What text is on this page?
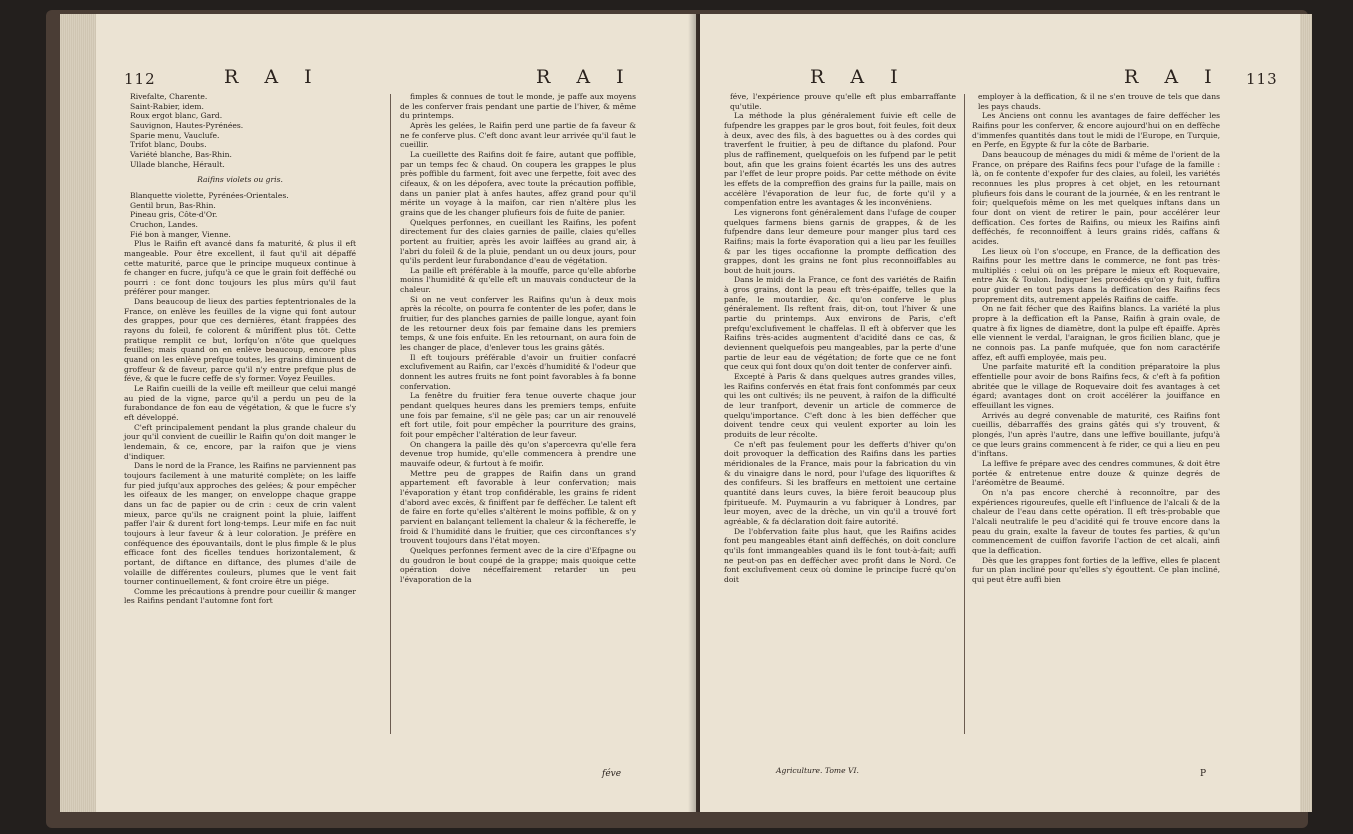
112	R A I	R A I

Rivefalte, Charente.

Saint-Rabier, idem.

Roux ergot blanc, Gard.

Sauvignon, Hautes-Pyrénées.

Sparie menu, Vauclufe.

Trifot blanc, Doubs.

Variété blanche, Bas-Rhin.

Ullade blanche, Hérault.

Raifins violets ou gris.

Blanquette violette, Pyrénées-Orientales.

Gentil brun, Bas-Rhin.

Pineau gris, Côte-d'Or.

Cruchon, Landes.

Fié bon à manger, Vienne.

Plus le Raifin eft avancé dans fa maturité, & plus il eft mangeable. Pour être excellent, il faut qu'il ait dépaffé cette maturité, parce que le principe muqueux continue à fe changer en fucre, jufqu'à ce que le grain foit defféché ou pourri : ce font donc toujours les plus mûrs qu'il faut préférer pour manger.

Dans beaucoup de lieux des parties feptentrionales de la France, on enlève les feuilles de la vigne qui font autour des grappes, pour que ces dernières, étant frappées des rayons du foleil, fe colorent & mûriffent plus tôt. Cette pratique remplit ce but, lorfqu'on n'ôte que quelques feuilles; mais quand on en enlève beaucoup, encore plus quand on les enlève prefque toutes, les grains diminuent de groffeur & de faveur, parce qu'il n'y entre prefque plus de féve, & que le fucre ceffe de s'y former. Voyez Feuilles.

Le Raifin cueilli de la veille eft meilleur que celui mangé au pied de la vigne, parce qu'il a perdu un peu de la furabondance de fon eau de végétation, & que le fucre s'y eft développé.

C'eft principalement pendant la plus grande chaleur du jour qu'il convient de cueillir le Raifin qu'on doit manger le lendemain, & ce, encore, par la raifon que je viens d'indiquer.

Dans le nord de la France, les Raifins ne parviennent pas toujours facilement à une maturité complète; on les laiffe fur pied jufqu'aux approches des gelées; & pour empêcher les oifeaux de les manger, on enveloppe chaque grappe dans un fac de papier ou de crin : ceux de crin valent mieux, parce qu'ils ne craignent point la pluie, laiffent paffer l'air & durent fort long-temps. Leur mife en fac nuit toujours à leur faveur & à leur coloration. Je préfère en conféquence des épouvantails, dont le plus fimple & le plus efficace font des ficelles tendues horizontalement, & portant, de diftance en diftance, des plumes d'aile de volaille de différentes couleurs, plumes que le vent fait tourner continuellement, & font croire être un piége.

Comme les précautions à prendre pour cueillir & manger les Raifins pendant l'automne font fort

fimples & connues de tout le monde, je paffe aux moyens de les conferver frais pendant une partie de l'hiver, & même du printemps.

Après les gelées, le Raifin perd une partie de fa faveur & ne fe conferve plus. C'eft donc avant leur arrivée qu'il faut le cueillir.

La cueillette des Raifins doit fe faire, autant que poffible, par un temps fec & chaud. On coupera les grappes le plus près poffible du farment, foit avec une ferpette, foit avec des cifeaux, & on les dépofera, avec toute la précaution poffible, dans un panier plat à anfes hautes, affez grand pour qu'il mérite un voyage à la maifon, car rien n'altère plus les grains que de les changer plufieurs fois de fuite de panier.

Quelques perfonnes, en cueillant les Raifins, les pofent directement fur des claies garnies de paille, claies qu'elles portent au fruitier, après les avoir laiffées au grand air, à l'abri du foleil & de la pluie, pendant un ou deux jours, pour qu'ils perdent leur furabondance d'eau de végétation.

La paille eft préférable à la mouffe, parce qu'elle abforbe moins l'humidité & qu'elle eft un mauvais conducteur de la chaleur.

Si on ne veut conferver les Raifins qu'un à deux mois après la récolte, on pourra fe contenter de les pofer, dans le fruitier, fur des planches garnies de paille longue, ayant foin de les retourner deux fois par femaine dans les premiers temps, & une fois enfuite. En les retournant, on aura foin de les changer de place, d'enlever tous les grains gâtés.

Il eft toujours préférable d'avoir un fruitier confacré exclufivement au Raifin, car l'excès d'humidité & l'odeur que donnent les autres fruits ne font point favorables à fa bonne confervation.

La fenêtre du fruitier fera tenue ouverte chaque jour pendant quelques heures dans les premiers temps, enfuite une fois par femaine, s'il ne gèle pas; car un air renouvelé eft fort utile, foit pour empêcher la pourriture des grains, foit pour empêcher l'altération de leur faveur.

On changera la paille dès qu'on s'apercevra qu'elle fera devenue trop humide, qu'elle commencera à prendre une mauvaife odeur, & furtout à fe moifir.

Mettre peu de grappes de Raifin dans un grand appartement eft favorable à leur confervation; mais l'évaporation y étant trop confidérable, les grains fe rident d'abord avec excès, & finiffent par fe deffécher. Le talent eft de faire en forte qu'elles s'altèrent le moins poffible, & on y parvient en balançant tellement la chaleur & la féchereffe, le froid & l'humidité dans le fruitier, que ces circonftances s'y trouvent toujours dans l'état moyen.

Quelques perfonnes ferment avec de la cire d'Efpagne ou du goudron le bout coupé de la grappe; mais quoique cette opération doive néceffairement retarder un peu l'évaporation de la

féve
R A I	R A I 113

féve, l'expérience prouve qu'elle eft plus embarraffante qu'utile.

La méthode la plus généralement fuivie eft celle de fufpendre les grappes par le gros bout, foit feules, foit deux à deux, avec des fils, à des baguettes ou à des cordes qui traverfent le fruitier, à peu de diftance du plafond. Pour plus de raffinement, quelquefois on les fufpend par le petit bout, afin que les grains foient écartés les uns des autres par l'effet de leur propre poids. Par cette méthode on évite les effets de la compreffion des grains fur la paille, mais on accélère l'évaporation de leur fuc, de forte qu'il y a compenfation entre les avantages & les inconvéniens.

Les vignerons font généralement dans l'ufage de couper quelques farmens biens garnis de grappes, & de les fufpendre dans leur demeure pour manger plus tard ces Raifins; mais la forte évaporation qui a lieu par les feuilles & par les tiges occafionne la prompte deffication des grappes, dont les grains ne font plus reconnoiffables au bout de huit jours.

Dans le midi de la France, ce font des variétés de Raifin à gros grains, dont la peau eft très-épaiffe, telles que la panfe, le moutardier, &c. qu'on conferve le plus généralement. Ils reftent frais, dit-on, tout l'hiver & une partie du printemps. Aux environs de Paris, c'eft prefqu'exclufivement le chaffelas. Il eft à obferver que les Raifins très-acides augmentent d'acidité dans ce cas, & deviennent quelquefois peu mangeables, par la perte d'une partie de leur eau de végétation; de forte que ce ne font que ceux qui font doux qu'on doit tenter de conferver ainfi.

Excepté à Paris & dans quelques autres grandes villes, les Raifins confervés en état frais font confommés par ceux qui les ont cultivés; ils ne peuvent, à raifon de la difficulté de leur tranfport, devenir un article de commerce de quelqu'importance. C'eft donc à les bien deffécher que doivent tendre ceux qui veulent exporter au loin les produits de leur récolte.

Ce n'eft pas feulement pour les defferts d'hiver qu'on doit provoquer la deffication des Raifins dans les parties méridionales de la France, mais pour la fabrication du vin & du vinaigre dans le nord, pour l'ufage des liquoriftes & des confifeurs. Si les braffeurs en mettoient une certaine quantité dans leurs cuves, la bière feroit beaucoup plus fpiritueufe. M. Puymaurin a vu fabriquer à Londres, par leur moyen, avec de la drèche, un vin qu'il a trouvé fort agréable, & fa déclaration doit faire autorité.

De l'obfervation faite plus haut, que les Raifins acides font peu mangeables étant ainfi defféchés, on doit conclure qu'ils font immangeables quand ils le font tout-à-fait; auffi ne peut-on pas en deffécher avec profit dans le Nord. Ce font exclufivement ceux où domine le principe fucré qu'on doit

employer à la deffication, & il ne s'en trouve de tels que dans les pays chauds.

Les Anciens ont connu les avantages de faire deffécher les Raifins pour les conferver, & encore aujourd'hui on en deffèche d'immenfes quantités dans tout le midi de l'Europe, en Turquie, en Perfe, en Egypte & fur la côte de Barbarie.

Dans beaucoup de ménages du midi & même de l'orient de la France, on prépare des Raifins fecs pour l'ufage de la famille : là, on fe contente d'expofer fur des claies, au foleil, les variétés reconnues les plus propres à cet objet, en les retournant plufieurs fois dans le courant de la journée, & en les rentrant le foir; quelquefois même on les met quelques inftans dans un four dont on vient de retirer le pain, pour accélérer leur deffication. Ces fortes de Raifins, ou mieux les Raifins ainfi defféchés, fe reconnoiffent à leurs grains ridés, caffans & acides.

Les lieux où l'on s'occupe, en France, de la deffication des Raifins pour les mettre dans le commerce, ne font pas très-multipliés : celui où on les prépare le mieux eft Roquevaire, entre Aix & Toulon. Indiquer les procédés qu'on y fuit, fuffira pour guider en tout pays dans la deffication des Raifins fecs proprement dits, autrement appelés Raifins de caiffe.

On ne fait fécher que des Raifins blancs. La variété la plus propre à la deffication eft la Panse, Raifin à grain ovale, de quatre à fix lignes de diamètre, dont la pulpe eft épaiffe. Après elle viennent le verdal, l'araignan, le gros ficilien blanc, que je ne connois pas. La panfe mufquée, que fon nom caractérife affez, eft auffi employée, mais peu.

Une parfaite maturité eft la condition préparatoire la plus effentielle pour avoir de bons Raifins fecs, & c'eft à fa pofition abritée que le village de Roquevaire doit fes avantages à cet égard; avantages dont on croit accélérer la jouiffance en effeuillant les vignes.

Arrivés au degré convenable de maturité, ces Raifins font cueillis, débarraffés des grains gâtés qui s'y trouvent, & plongés, l'un après l'autre, dans une leffive bouillante, jufqu'à ce que leurs grains commencent à fe rider, ce qui a lieu en peu d'inftans.

La leffive fe prépare avec des cendres communes, & doit être portée & entretenue entre douze & quinze degrés de l'aréomètre de Beaumé.

On n'a pas encore cherché à reconnoître, par des expériences rigoureufes, quelle eft l'influence de l'alcali & de la chaleur de l'eau dans cette opération. Il eft très-probable que l'alcali neutralife le peu d'acidité qui fe trouve encore dans la peau du grain, exalte la faveur de toutes fes parties, & qu'un commencement de cuiffon favorife l'action de cet alcali, ainfi que la deffication.

Dès que les grappes font forties de la leffive, elles fe placent fur un plan incliné pour qu'elles s'y égouttent. Ce plan incliné, qui peut être auffi bien

Agriculture. Tome VI.	P
